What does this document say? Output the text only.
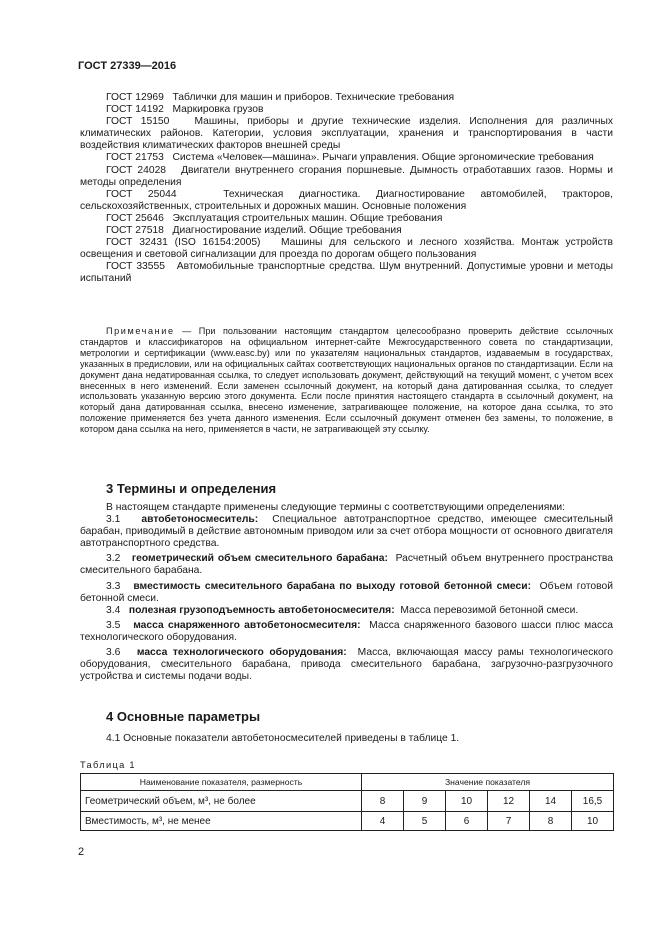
ГОСТ 27339—2016

ГОСТ 12969 Таблички для машин и приборов. Технические требования

ГОСТ 14192 Маркировка грузов

ГОСТ 15150 Машины, приборы и другие технические изделия. Исполнения для различных климатических районов. Категории, условия эксплуатации, хранения и транспортирования в части воздействия климатических факторов внешней среды

ГОСТ 21753 Система «Человек—машина». Рычаги управления. Общие эргономические требования

ГОСТ 24028 Двигатели внутреннего сгорания поршневые. Дымность отработавших газов. Нормы и методы определения

ГОСТ 25044	Техническая диагностика. Диагностирование автомобилей, тракторов, сельскохозяйственных, строительных и дорожных машин. Основные положения

ГОСТ 25646 Эксплуатация строительных машин. Общие требования

ГОСТ 27518 Диагностирование изделий. Общие требования

ГОСТ 32431 (ISO 16154:2005) Машины для сельского и лесного хозяйства. Монтаж устройств освещения и световой сигнализации для проезда по дорогам общего пользования

ГОСТ 33555 Автомобильные транспортные средства. Шум внутренний. Допустимые уровни и методы испытаний

Примечание — При пользовании настоящим стандартом целесообразно проверить действие ссылочных стандартов и классификаторов на официальном интернет-сайте Межгосударственного совета по стандартизации, метрологии и сертификации (www.easc.by) или по указателям национальных стандартов, издаваемым в государствах, указанных в предисловии, или на официальных сайтах соответствующих национальных органов по стандартизации. Если на документ дана недатированная ссылка, то следует использовать документ, действующий на текущий момент, с учетом всех внесенных в него изменений. Если заменен ссылочный документ, на который дана датированная ссылка, то следует использовать указанную версию этого документа. Если после принятия настоящего стандарта в ссылочный документ, на который дана датированная ссылка, внесено изменение, затрагивающее положение, на которое дана ссылка, то это положение применяется без учета данного изменения. Если ссылочный документ отменен без замены, то положение, в котором дана ссылка на него, применяется в части, не затрагивающей эту ссылку.

3 Термины и определения

В настоящем стандарте применены следующие термины с соответствующими определениями:

3.1 автобетоносмеситель: Специальное автотранспортное средство, имеющее смесительный барабан, приводимый в действие автономным приводом или за счет отбора мощности от основного двигателя автотранспортного средства.

3.2 геометрический объем смесительного барабана: Расчетный объем внутреннего пространства смесительного барабана.

3.3 вместимость смесительного барабана по выходу готовой бетонной смеси: Объем готовой бетонной смеси.

3.4 полезная грузоподъемность автобетоносмесителя: Масса перевозимой бетонной смеси.

3.5 масса снаряженного автобетоносмесителя: Масса снаряженного базового шасси плюс масса технологического оборудования.

3.6 масса технологического оборудования: Масса, включающая массу рамы технологического оборудования, смесительного барабана, привода смесительного барабана, загрузочно-разгрузочного устройства и системы подачи воды.

4 Основные параметры

4.1 Основные показатели автобетоносмесителей приведены в таблице 1.

Таблица 1

Наименование показателя, размерность	Значение показателя					
Геометрический объем, м³, не более	8	9	10	12	14	16,5
Вместимость, м³, не менее	4	5	6	7	8	10
2
